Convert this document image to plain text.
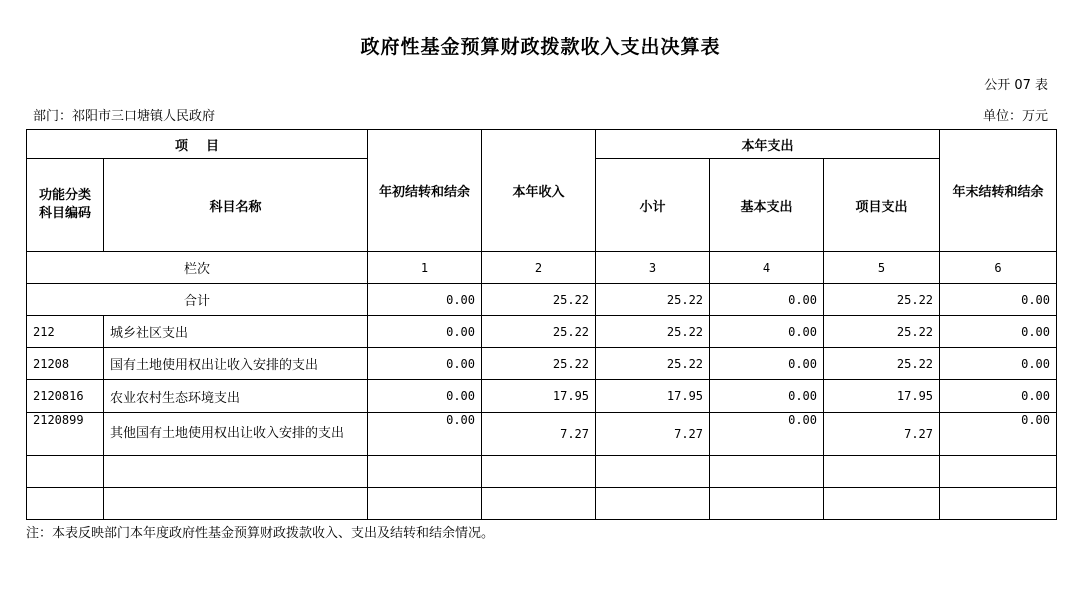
政府性基金预算财政拨款收入支出决算表
公开 07 表
部门：祁阳市三口塘镇人民政府	单位：万元
项    目		年初结转和结余	本年收入	本年支出			年末结转和结余
功能分类科目编码	科目名称			小计	基本支出	项目支出	
栏次		1	2	3	4	5	6
合计		0.00	25.22	25.22	0.00	25.22	0.00
212	城乡社区支出	0.00	25.22	25.22	0.00	25.22	0.00
21208	国有土地使用权出让收入安排的支出	0.00	25.22	25.22	0.00	25.22	0.00
2120816	农业农村生态环境支出	0.00	17.95	17.95	0.00	17.95	0.00
2120899	其他国有土地使用权出让收入安排的支出	0.00	7.27	7.27	0.00	7.27	0.00

注：本表反映部门本年度政府性基金预算财政拨款收入、支出及结转和结余情况。
